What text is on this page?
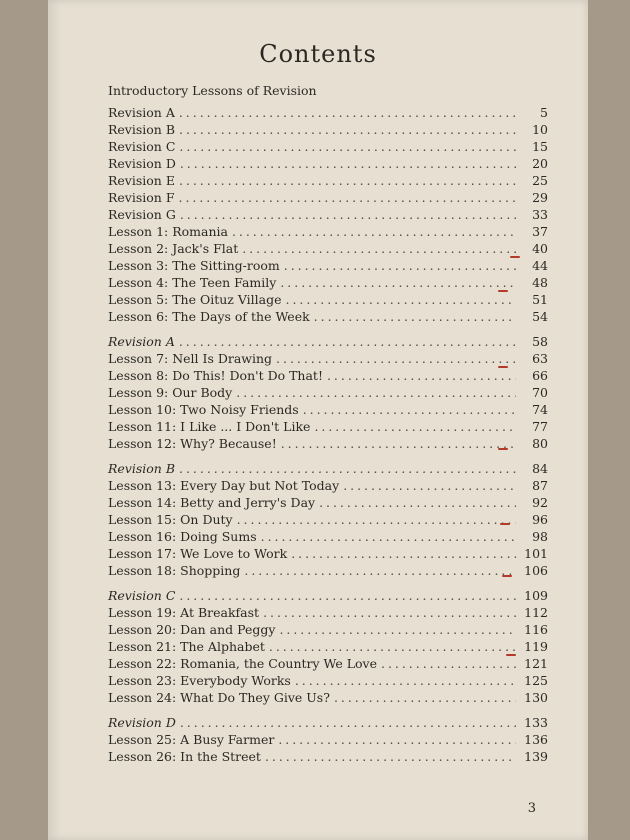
Contents
Introductory Lessons of Revision
Revision A . . .	5
Revision B . . .	10
Revision C . . .	15
Revision D . . .	20
Revision E . . .	25
Revision F . . .	29
Revision G . . .	33
Lesson 1: Romania . . .	37
Lesson 2: Jack's Flat . . .	40
Lesson 3: The Sitting-room . . .	44
Lesson 4: The Teen Family . . .	48
Lesson 5: The Oituz Village . . .	51
Lesson 6: The Days of the Week . . .	54
Revision A . . .	58
Lesson 7: Nell Is Drawing . . .	63
Lesson 8: Do This! Don't Do That! . . .	66
Lesson 9: Our Body . . .	70
Lesson 10: Two Noisy Friends . . .	74
Lesson 11: I Like ... I Don't Like . . .	77
Lesson 12: Why? Because! . . .	80
Revision B . . .	84
Lesson 13: Every Day but Not Today . . .	87
Lesson 14: Betty and Jerry's Day . . .	92
Lesson 15: On Duty . . .	96
Lesson 16: Doing Sums . . .	98
Lesson 17: We Love to Work . . .	101
Lesson 18: Shopping . . .	106
Revision C . . .	109
Lesson 19: At Breakfast . . .	112
Lesson 20: Dan and Peggy . . .	116
Lesson 21: The Alphabet . . .	119
Lesson 22: Romania, the Country We Love . . .	121
Lesson 23: Everybody Works . . .	125
Lesson 24: What Do They Give Us? . . .	130
Revision D . . .	133
Lesson 25: A Busy Farmer . . .	136
Lesson 26: In the Street . . .	139
3
